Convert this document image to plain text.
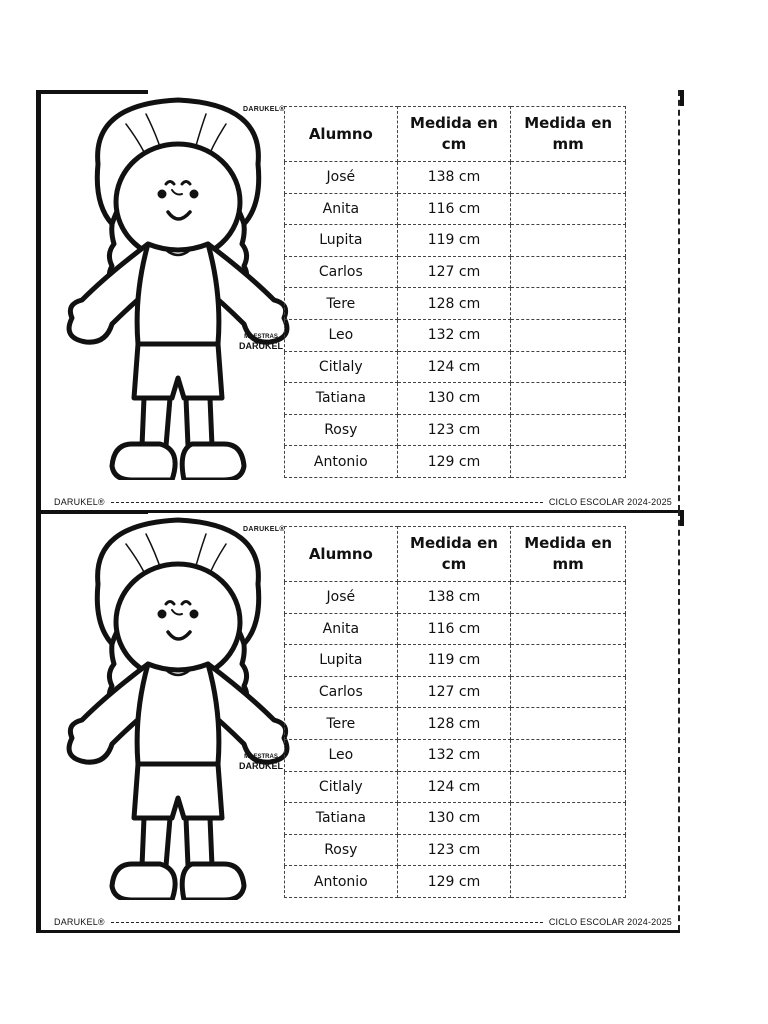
DARUKEL®
MAESTRAS
DARUKEL
Alumno	Medida en cm	Medida en mm
José	138 cm	
Anita	116 cm	
Lupita	119 cm	
Carlos	127 cm	
Tere	128 cm	
Leo	132 cm	
Citlaly	124 cm	
Tatiana	130 cm	
Rosy	123 cm	
Antonio	129 cm	
DARUKEL®	CICLO ESCOLAR 2024-2025
DARUKEL®
MAESTRAS
DARUKEL
Alumno	Medida en cm	Medida en mm
José	138 cm	
Anita	116 cm	
Lupita	119 cm	
Carlos	127 cm	
Tere	128 cm	
Leo	132 cm	
Citlaly	124 cm	
Tatiana	130 cm	
Rosy	123 cm	
Antonio	129 cm	
DARUKEL®	CICLO ESCOLAR 2024-2025
